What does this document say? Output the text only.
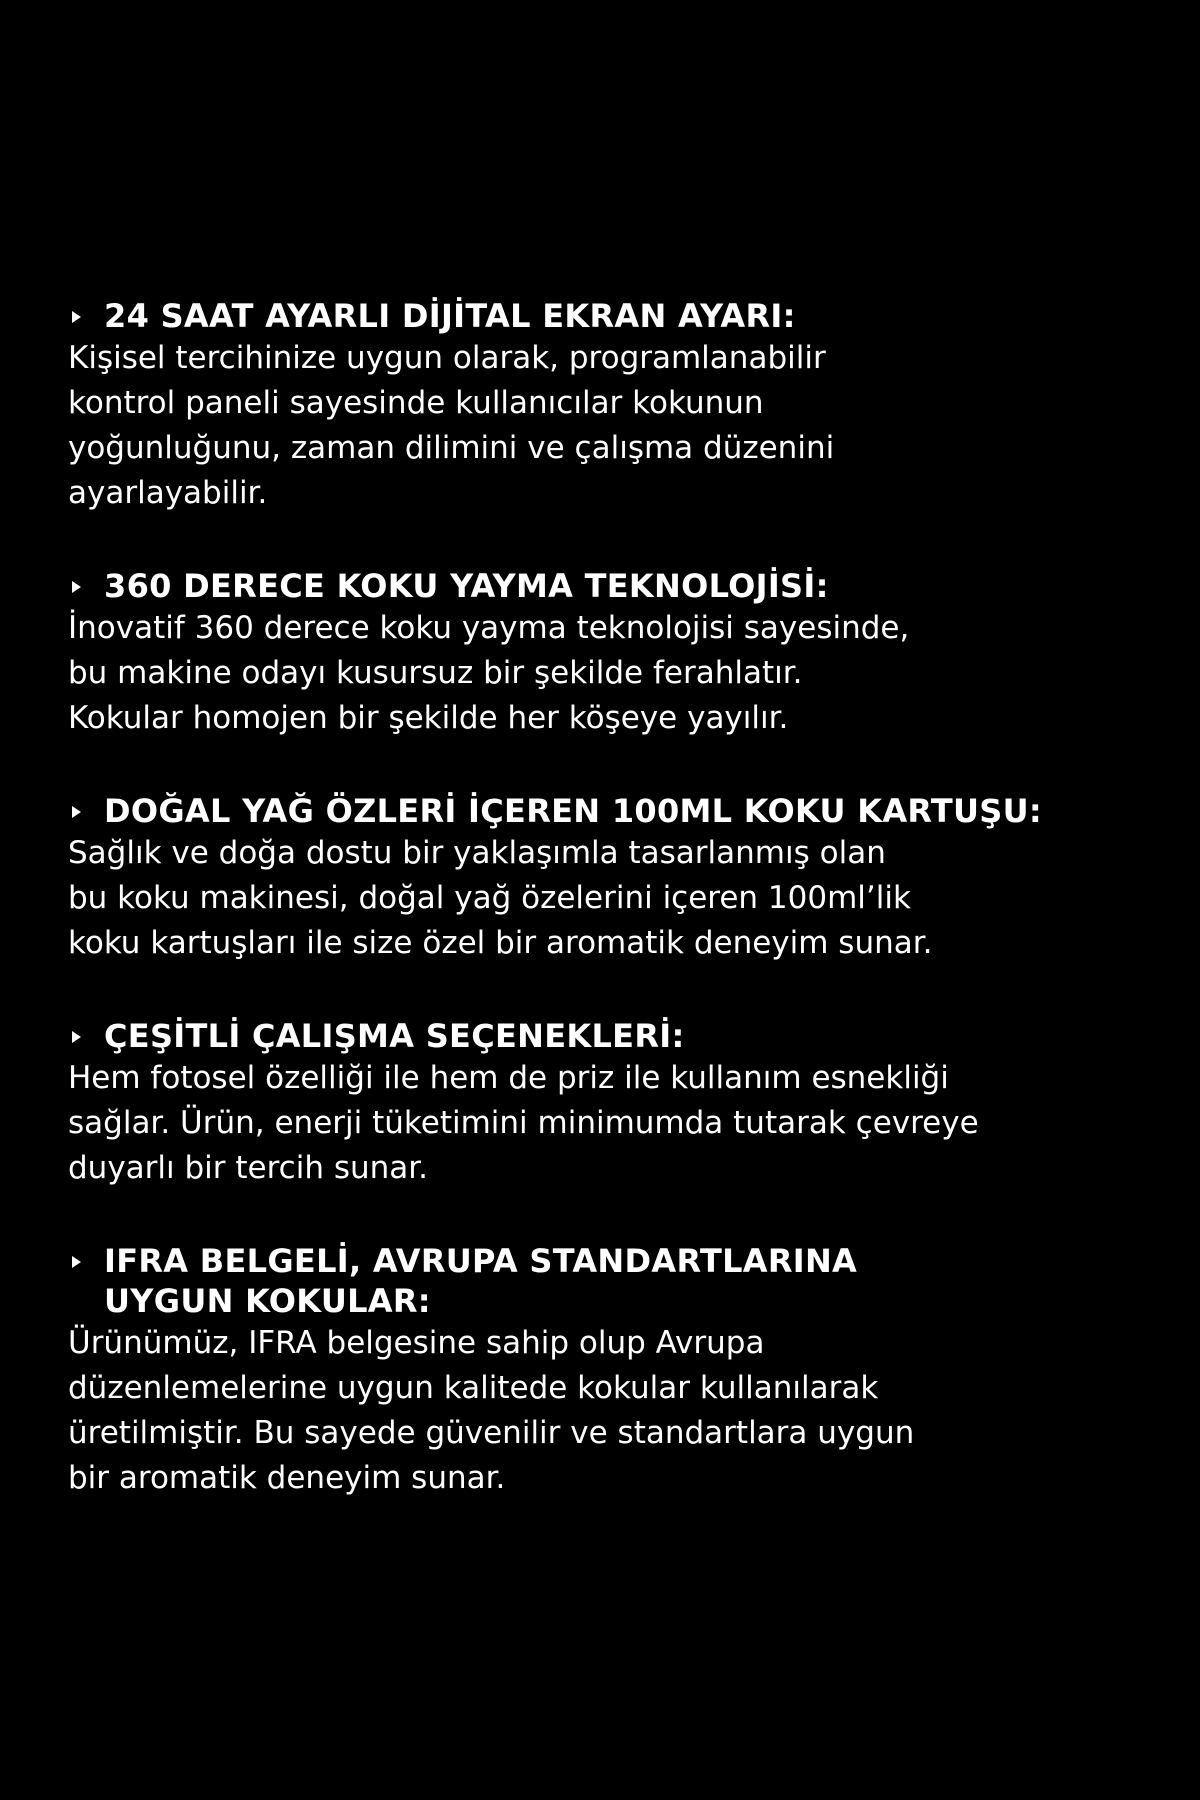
24 SAAT AYARLI DİJİTAL EKRAN AYARI:
Kişisel tercihinize uygun olarak, programlanabilir
kontrol paneli sayesinde kullanıcılar kokunun
yoğunluğunu, zaman dilimini ve çalışma düzenini
ayarlayabilir.
360 DERECE KOKU YAYMA TEKNOLOJİSİ:
İnovatif 360 derece koku yayma teknolojisi sayesinde,
bu makine odayı kusursuz bir şekilde ferahlatır.
Kokular homojen bir şekilde her köşeye yayılır.
DOĞAL YAĞ ÖZLERİ İÇEREN 100ML KOKU KARTUŞU:
Sağlık ve doğa dostu bir yaklaşımla tasarlanmış olan
bu koku makinesi, doğal yağ özelerini içeren 100ml’lik
koku kartuşları ile size özel bir aromatik deneyim sunar.
ÇEŞİTLİ ÇALIŞMA SEÇENEKLERİ:
Hem fotosel özelliği ile hem de priz ile kullanım esnekliği
sağlar. Ürün, enerji tüketimini minimumda tutarak çevreye
duyarlı bir tercih sunar.
IFRA BELGELİ, AVRUPA STANDARTLARINA
UYGUN KOKULAR:
Ürünümüz, IFRA belgesine sahip olup Avrupa
düzenlemelerine uygun kalitede kokular kullanılarak
üretilmiştir. Bu sayede güvenilir ve standartlara uygun
bir aromatik deneyim sunar.
